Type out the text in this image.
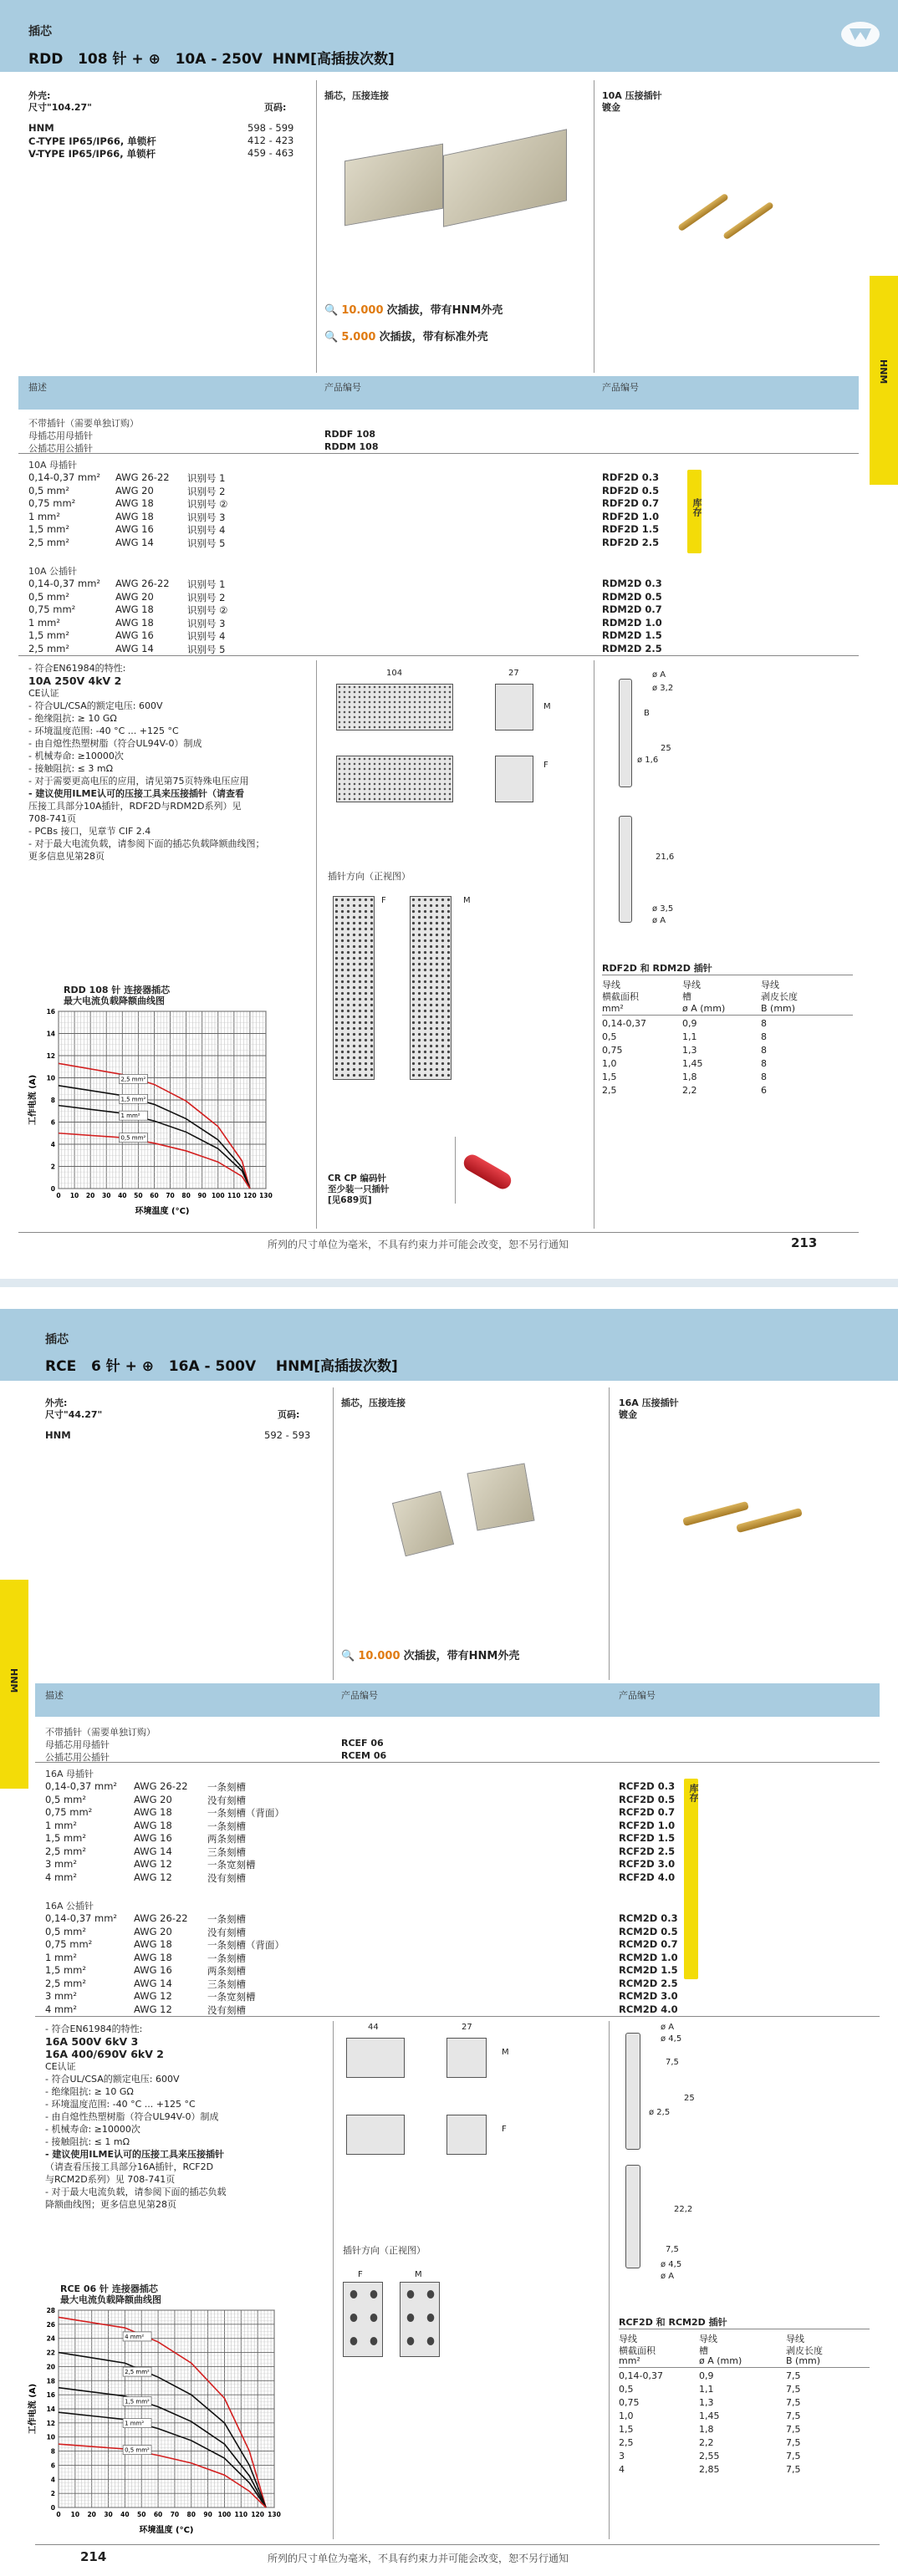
插芯
RDD 108 针 + ⊕ 10A - 250V HNM[高插拔次数]
HNM
外壳:
尺寸"104.27"	页码:
HNM	598 - 599
C-TYPE IP65/IP66, 单锁杆	412 - 423
V-TYPE IP65/IP66, 单锁杆	459 - 463
插芯，压接连接
🔍 10.000 次插拔，带有HNM外壳
🔍 5.000 次插拔，带有标准外壳
10A 压接插针
镀金
描述	产品编号	产品编号
不带插针（需要单独订购）
母插芯用母插针
公插芯用公插针
RDDF 108
RDDM 108
10A 母插针
0,14-0,37 mm² AWG 26-22 识别号 1	RDF2D 0.3
0,5 mm²	AWG 20	识别号 2	RDF2D 0.5
0,75 mm²	AWG 18	识别号 ②	RDF2D 0.7
1 mm²	AWG 18	识别号 3	RDF2D 1.0
1,5 mm²	AWG 16	识别号 4	RDF2D 1.5
2,5 mm²	AWG 14	识别号 5	RDF2D 2.5
库存
10A 公插针
0,14-0,37 mm² AWG 26-22 识别号 1	RDM2D 0.3
0,5 mm²	AWG 20	识别号 2	RDM2D 0.5
0,75 mm²	AWG 18	识别号 ②	RDM2D 0.7
1 mm²	AWG 18	识别号 3	RDM2D 1.0
1,5 mm²	AWG 16	识别号 4	RDM2D 1.5
2,5 mm²	AWG 14	识别号 5	RDM2D 2.5
- 符合EN61984的特性:
10A 250V 4kV 2
CE认证
- 符合UL/CSA的额定电压: 600V
- 绝缘阻抗: ≥ 10 GΩ
- 环境温度范围: -40 °C ... +125 °C
- 由自熄性热塑树脂（符合UL94V-0）制成
- 机械寿命: ≥10000次
- 接触阻抗: ≤ 3 mΩ
- 对于需要更高电压的应用，请见第75页特殊电压应用
- 建议使用ILME认可的压接工具来压接插针（请查看
压接工具部分10A插针，RDF2D与RDM2D系列）见
708-741页
- PCBs 接口，见章节 CIF 2.4
- 对于最大电流负载，请参阅下面的插芯负载降额曲线图；
更多信息见第28页
104	27
M
F
插针方向（正视图）
F	M
CR CP 编码针
至少装一只插针
[见689页]
ø A
ø 3,2
B
25
ø 1,6
21,6
ø 3,5
ø A
RDF2D 和 RDM2D 插针
导线	导线	导线
横截面积	槽	剥皮长度
mm²	ø A (mm)	B (mm)
0,14-0,37	0,9	8
0,5	1,1	8
0,75	1,3	8
1,0	1,45	8
1,5	1,8	8
2,5	2,2	6
RDD 108 针 连接器插芯
最大电流负载降额曲线图
0 10 20 30 40 50 60 70 80 90 100 110 120 130
0
2
4
6
8
10
12
14
16
环境温度 (°C)
工作电流 (A)	2,5 mm²
1,5 mm²
1 mm²
0,5 mm²
所列的尺寸单位为毫米，不具有约束力并可能会改变，恕不另行通知	213
插芯
RCE 6 针 + ⊕ 16A - 500V HNM[高插拔次数]
HNM
外壳:
尺寸"44.27"	页码:
HNM	592 - 593
插芯，压接连接
🔍 10.000 次插拔，带有HNM外壳
16A 压接插针
镀金
描述	产品编号	产品编号
不带插针（需要单独订购）
母插芯用母插针
公插芯用公插针
RCEF 06
RCEM 06
16A 母插针
0,14-0,37 mm² AWG 26-22 一条刻槽	RCF2D 0.3
0,5 mm²	AWG 20	没有刻槽	RCF2D 0.5
0,75 mm²	AWG 18	一条刻槽（背面）	RCF2D 0.7
1 mm²	AWG 18	一条刻槽	RCF2D 1.0
1,5 mm²	AWG 16	两条刻槽	RCF2D 1.5
2,5 mm²	AWG 14	三条刻槽	RCF2D 2.5
3 mm²	AWG 12	一条宽刻槽	RCF2D 3.0
4 mm²	AWG 12	没有刻槽	RCF2D 4.0
库存
16A 公插针
0,14-0,37 mm² AWG 26-22 一条刻槽	RCM2D 0.3
0,5 mm²	AWG 20	没有刻槽	RCM2D 0.5
0,75 mm²	AWG 18	一条刻槽（背面）	RCM2D 0.7
1 mm²	AWG 18	一条刻槽	RCM2D 1.0
1,5 mm²	AWG 16	两条刻槽	RCM2D 1.5
2,5 mm²	AWG 14	三条刻槽	RCM2D 2.5
3 mm²	AWG 12	一条宽刻槽	RCM2D 3.0
4 mm²	AWG 12	没有刻槽	RCM2D 4.0
- 符合EN61984的特性:
16A 500V 6kV 3
16A 400/690V 6kV 2
CE认证
- 符合UL/CSA的额定电压: 600V
- 绝缘阻抗: ≥ 10 GΩ
- 环境温度范围: -40 °C ... +125 °C
- 由自熄性热塑树脂（符合UL94V-0）制成
- 机械寿命: ≥10000次
- 接触阻抗: ≤ 1 mΩ
- 建议使用ILME认可的压接工具来压接插针
（请查看压接工具部分16A插针，RCF2D
与RCM2D系列）见 708-741页
- 对于最大电流负载，请参阅下面的插芯负载
降额曲线图；更多信息见第28页
44	27
M
F
插针方向（正视图）
F	M
ø A
ø 4,5
7,5
25
ø 2,5
22,2
7,5
ø 4,5
ø A
RCF2D 和 RCM2D 插针
导线	导线	导线
横截面积	槽	剥皮长度
mm²	ø A (mm)	B (mm)
0,14-0,37	0,9	7,5
0,5	1,1	7,5
0,75	1,3	7,5
1,0	1,45	7,5
1,5	1,8	7,5
2,5	2,2	7,5
3	2,55	7,5
4	2,85	7,5
RCE 06 针 连接器插芯
最大电流负载降额曲线图
0 10 20 30 40 50 60 70 80 90 100 110 120 130
0
2
4
6
8
10
12
14
16
18
20
22
24
26
28
环境温度 (°C)
工作电流 (A)
4 mm²
2,5 mm²
1,5 mm²
1 mm²
0,5 mm²
214	所列的尺寸单位为毫米，不具有约束力并可能会改变，恕不另行通知
